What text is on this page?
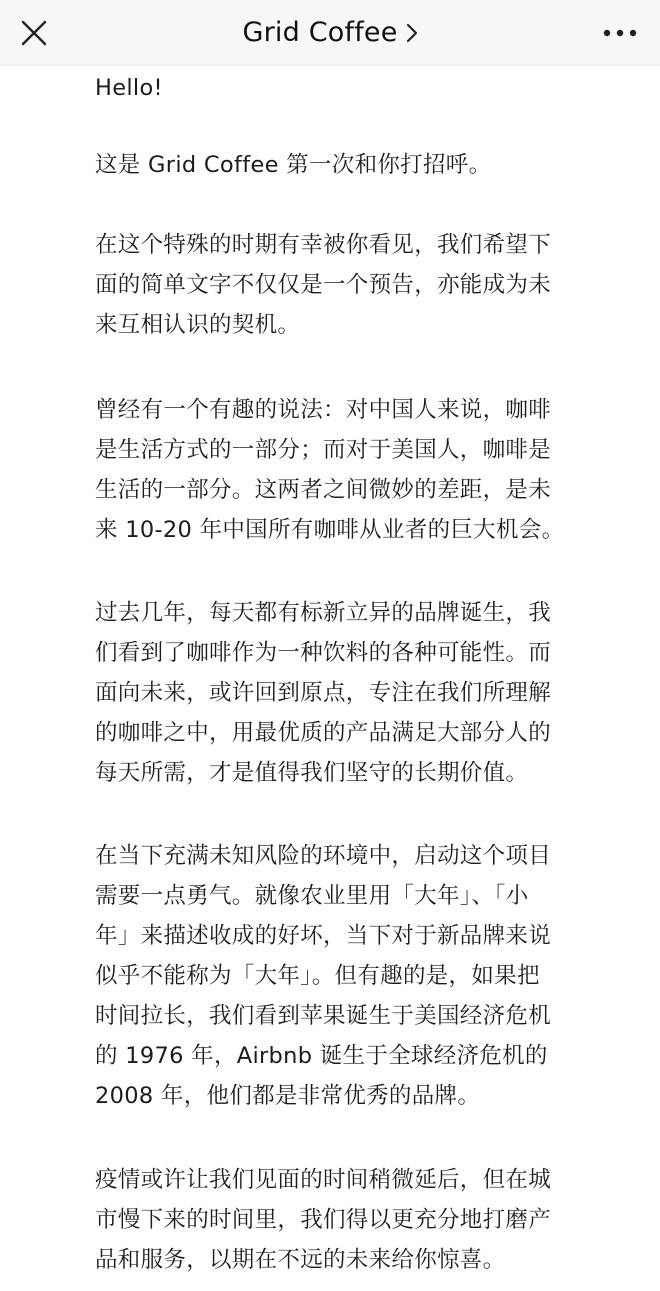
Grid Coffee

Hello!

这是 Grid Coffee 第一次和你打招呼。

在这个特殊的时期有幸被你看见，我们希望下
面的简单文字不仅仅是一个预告，亦能成为未
来互相认识的契机。

曾经有一个有趣的说法：对中国人来说，咖啡
是生活方式的一部分；而对于美国人，咖啡是
生活的一部分。这两者之间微妙的差距，是未
来 10-20 年中国所有咖啡从业者的巨大机会。

过去几年，每天都有标新立异的品牌诞生，我
们看到了咖啡作为一种饮料的各种可能性。而
面向未来，或许回到原点，专注在我们所理解
的咖啡之中，用最优质的产品满足大部分人的
每天所需，才是值得我们坚守的长期价值。

在当下充满未知风险的环境中，启动这个项目
需要一点勇气。就像农业里用「大年」、「小
年」来描述收成的好坏，当下对于新品牌来说
似乎不能称为「大年」。但有趣的是，如果把
时间拉长，我们看到苹果诞生于美国经济危机
的 1976 年，Airbnb 诞生于全球经济危机的
2008 年，他们都是非常优秀的品牌。

疫情或许让我们见面的时间稍微延后，但在城
市慢下来的时间里，我们得以更充分地打磨产
品和服务，以期在不远的未来给你惊喜。
